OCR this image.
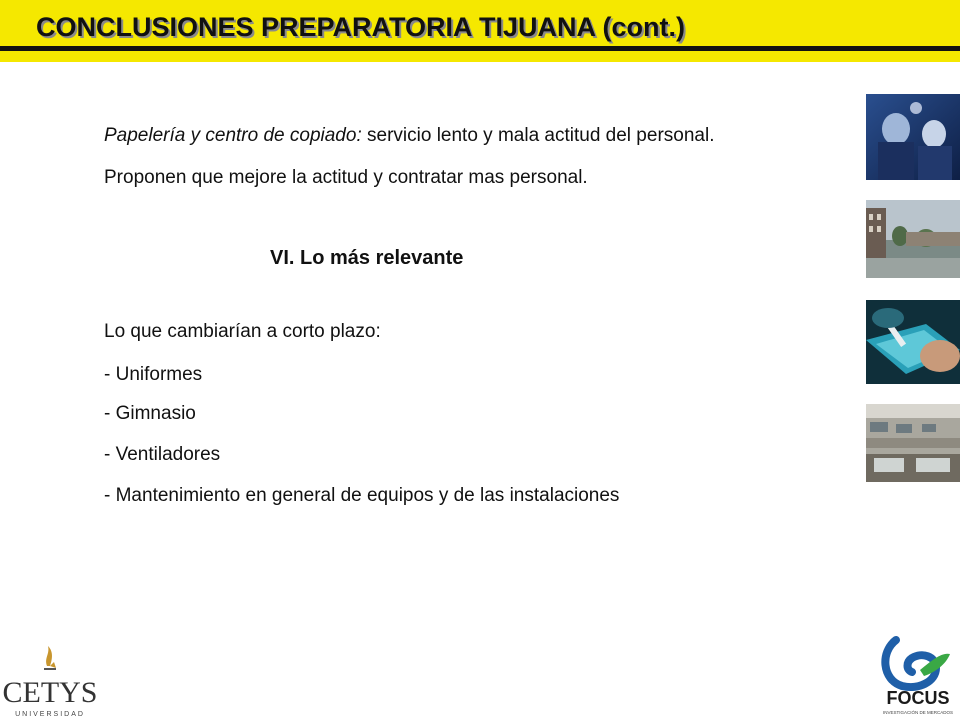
CONCLUSIONES PREPARATORIA TIJUANA (cont.)
Papelería y centro de copiado: servicio lento y mala actitud del personal.
Proponen que mejore la actitud y contratar mas personal.
VI. Lo más relevante
Lo que cambiarían a corto plazo:
- Uniformes
- Gimnasio
- Ventiladores
- Mantenimiento en general de equipos y de las instalaciones
CETYS
UNIVERSIDAD
FOCUS
INVESTIGACIÓN DE MERCADOS
